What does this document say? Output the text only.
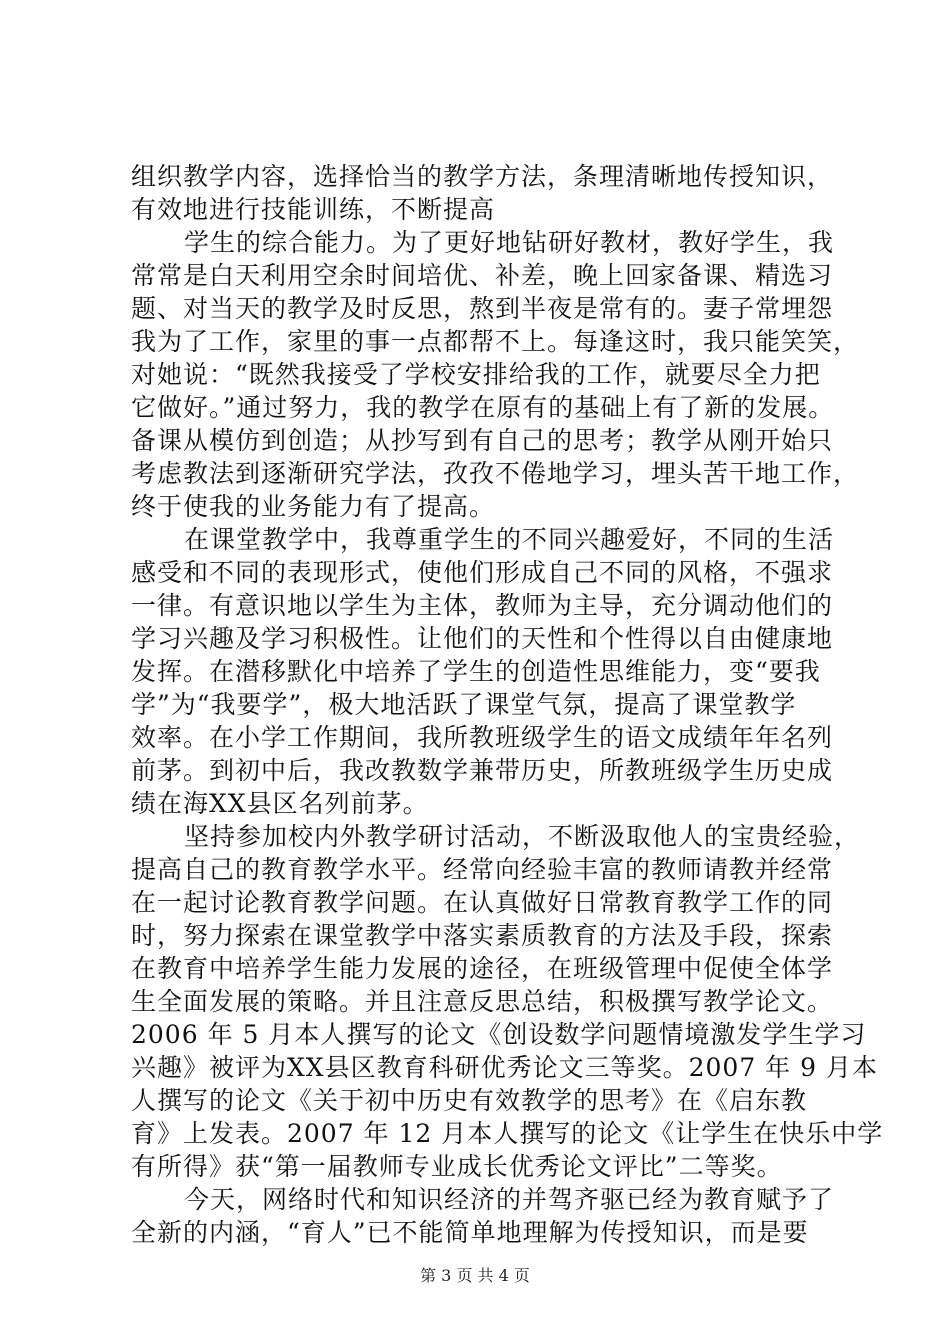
组织教学内容，选择恰当的教学方法，条理清晰地传授知识，
有效地进行技能训练，不断提高
学生的综合能力。为了更好地钻研好教材，教好学生，我
常常是白天利用空余时间培优、补差，晚上回家备课、精选习
题、对当天的教学及时反思，熬到半夜是常有的。妻子常埋怨
我为了工作，家里的事一点都帮不上。每逢这时，我只能笑笑，
对她说：“既然我接受了学校安排给我的工作，就要尽全力把
它做好。”通过努力，我的教学在原有的基础上有了新的发展。
备课从模仿到创造；从抄写到有自己的思考；教学从刚开始只
考虑教法到逐渐研究学法，孜孜不倦地学习，埋头苦干地工作，
终于使我的业务能力有了提高。
在课堂教学中，我尊重学生的不同兴趣爱好，不同的生活
感受和不同的表现形式，使他们形成自己不同的风格，不强求
一律。有意识地以学生为主体，教师为主导，充分调动他们的
学习兴趣及学习积极性。让他们的天性和个性得以自由健康地
发挥。在潜移默化中培养了学生的创造性思维能力，变“要我
学”为“我要学”，极大地活跃了课堂气氛，提高了课堂教学
效率。在小学工作期间，我所教班级学生的语文成绩年年名列
前茅。到初中后，我改教数学兼带历史，所教班级学生历史成
绩在海XX县区名列前茅。
坚持参加校内外教学研讨活动，不断汲取他人的宝贵经验，
提高自己的教育教学水平。经常向经验丰富的教师请教并经常
在一起讨论教育教学问题。在认真做好日常教育教学工作的同
时，努力探索在课堂教学中落实素质教育的方法及手段，探索
在教育中培养学生能力发展的途径，在班级管理中促使全体学
生全面发展的策略。并且注意反思总结，积极撰写教学论文。
2006 年 5 月本人撰写的论文《创设数学问题情境激发学生学习
兴趣》被评为XX县区教育科研优秀论文三等奖。2007 年 9 月本
人撰写的论文《关于初中历史有效教学的思考》在《启东教
育》上发表。2007 年 12 月本人撰写的论文《让学生在快乐中学
有所得》获“第一届教师专业成长优秀论文评比”二等奖。
今天，网络时代和知识经济的并驾齐驱已经为教育赋予了
全新的内涵，“育人”已不能简单地理解为传授知识，而是要
第 3 页 共 4 页
